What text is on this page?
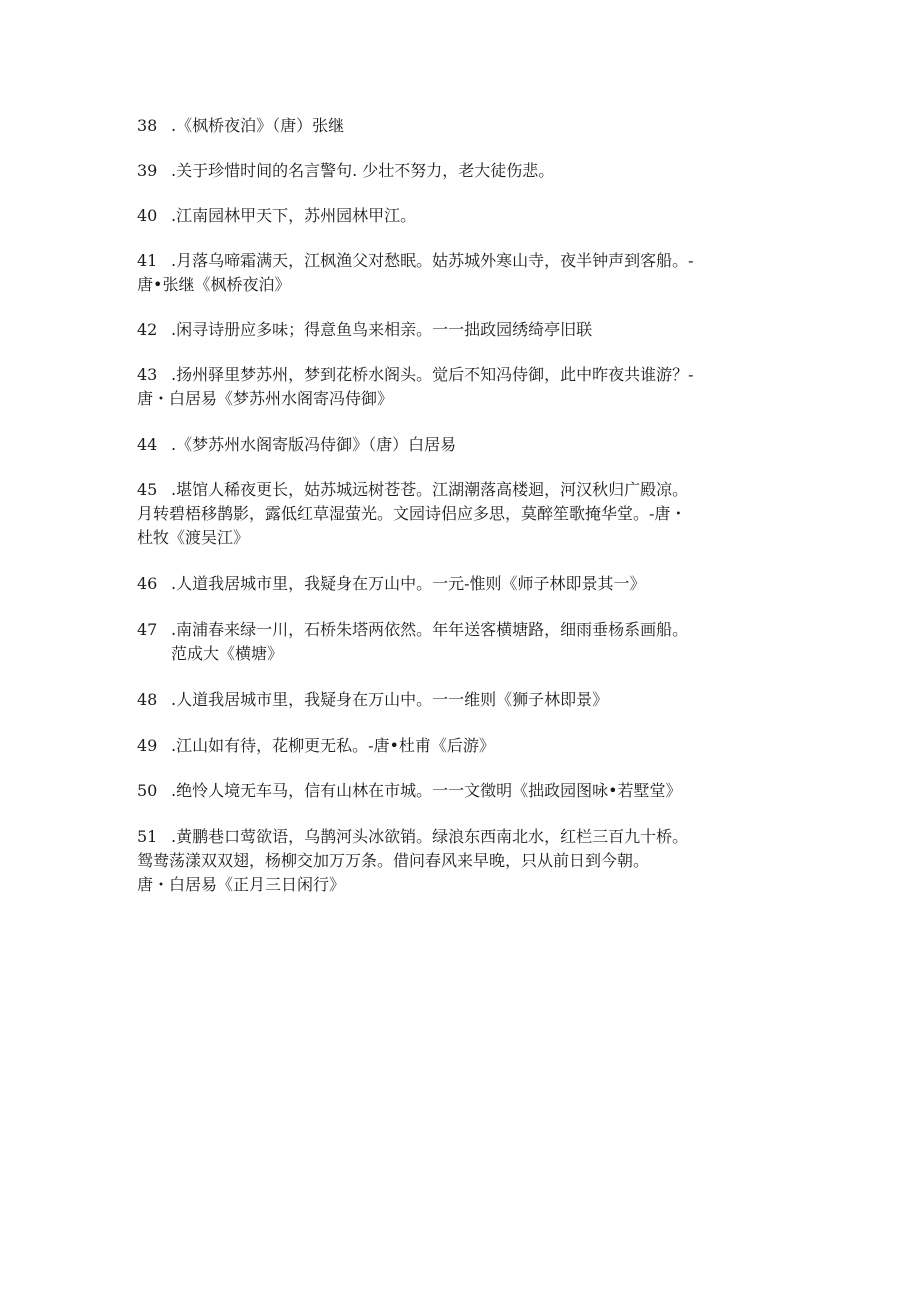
38 .《枫桥夜泊》（唐）张继
39 .关于珍惜时间的名言警句. 少壮不努力，老大徒伤悲。
40 .江南园林甲天下，苏州园林甲江。
41 .月落乌啼霜满天，江枫渔父对愁眠。姑苏城外寒山寺，夜半钟声到客船。-
唐•张继《枫桥夜泊》
42 .闲寻诗册应多味；得意鱼鸟来相亲。一一拙政园绣绮亭旧联
43 .扬州驿里梦苏州，梦到花桥水阁头。觉后不知冯侍御，此中昨夜共谁游？-
唐・白居易《梦苏州水阁寄冯侍御》
44 .《梦苏州水阁寄版冯侍御》（唐）白居易
45 .堪馆人稀夜更长，姑苏城远树苍苍。江湖潮落高楼迴，河汉秋归广殿凉。
月转碧梧移鹊影，露低红草湿萤光。文园诗侣应多思，莫醉笙歌掩华堂。-唐・
杜牧《渡吴江》
46 .人道我居城市里，我疑身在万山中。一元-惟则《师子林即景其一》
47 .南浦春来绿一川，石桥朱塔两依然。年年送客横塘路，细雨垂杨系画船。
范成大《横塘》
48 .人道我居城市里，我疑身在万山中。一一维则《狮子林即景》
49 .江山如有待，花柳更无私。-唐•杜甫《后游》
50 .绝怜人境无车马，信有山林在市城。一一文徵明《拙政园图咏•若墅堂》
51 .黄鹏巷口莺欲语，乌鹊河头冰欲销。绿浪东西南北水，红栏三百九十桥。
鸳鸯荡漾双双翅，杨柳交加万万条。借问春风来早晚，只从前日到今朝。
唐・白居易《正月三日闲行》
